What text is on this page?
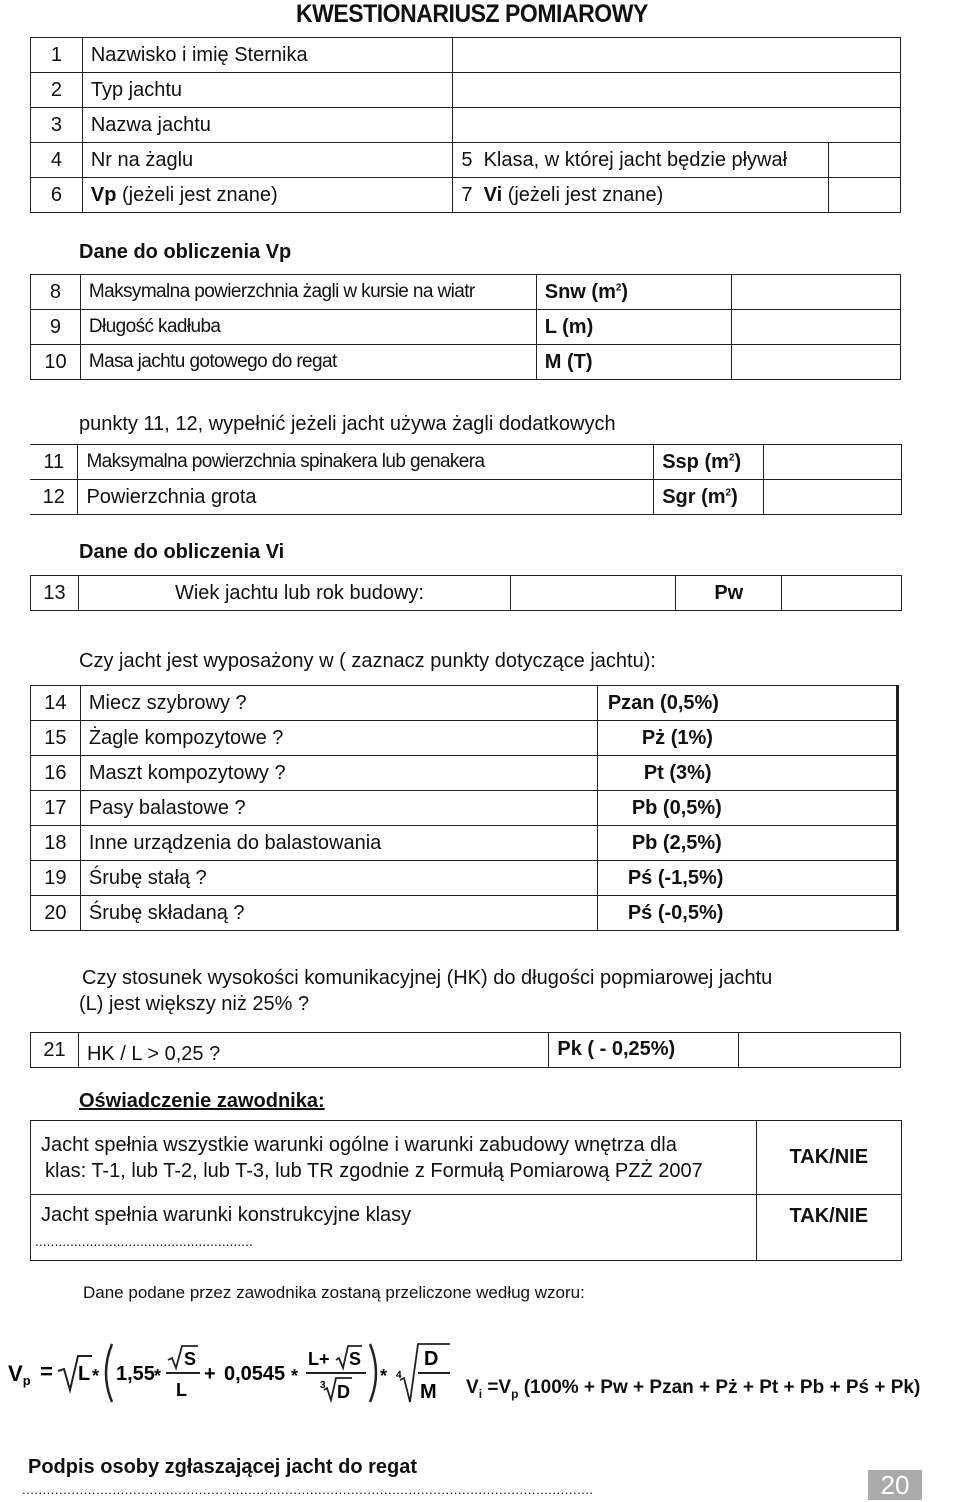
KWESTIONARIUSZ POMIAROWY
1	Nazwisko i imię Sternika		
2	Typ jachtu		
3	Nazwa jachtu		
4	Nr na żaglu	5 Klasa, w której jacht będzie pływał	
6	Vp (jeżeli jest znane)	7 Vi (jeżeli jest znane)	
Dane do obliczenia Vp
8	Maksymalna powierzchnia żagli w kursie na wiatr	Snw $(m^2)$	
9	Długość kadłuba	L (m)	
10	Masa jachtu gotowego do regat	M (T)	
punkty 11, 12, wypełnić jeżeli jacht używa żagli dodatkowych
11	Maksymalna powierzchnia spinakera lub genakera	Ssp $(m^2)$	
12	Powierzchnia grota	Sgr $(m^2)$	
Dane do obliczenia Vi
13	Wiek jachtu lub rok budowy:		Pw	
Czy jacht jest wyposażony w ( zaznacz punkty dotyczące jachtu):
14	Miecz szybrowy ?	Pzan (0,5%)
15	Żagle kompozytowe ?	Pż (1%)
16	Maszt kompozytowy ?	Pt (3%)
17	Pasy balastowe ?	Pb (0,5%)
18	Inne urządzenia do balastowania	Pb (2,5%)
19	Śrubę stałą ?	Pś (-1,5%)
20	Śrubę składaną ?	Pś (-0,5%)
Czy stosunek wysokości komunikacyjnej (HK) do długości popmiarowej jachtu
(L) jest większy niż 25% ?
21	HK / L > 0,25 ?	Pk ( - 0,25%)	
Oświadczenie zawodnika:
Jacht spełnia wszystkie warunki ogólne i warunki zabudowy wnętrza dla
klas: T-1, lub T-2, lub T-3, lub TR zgodnie z Formułą Pomiarową PZŻ 2007	TAK/NIE

Jacht spełnia warunki konstrukcyjne klasy
........................................................	TAK/NIE
Dane podane przez zawodnika zostaną przeliczone według wzoru:
Vp = L * 1,55 *
S
L
+ 0,0545 *
L+ S
3 D
* 4
D
M $V_i =V_p$ (100% + Pw + Pzan + Pż + Pt + Pb + Pś + Pk)
Podpis osoby zgłaszającej jacht do regat
...........................................................................................................................................	20
